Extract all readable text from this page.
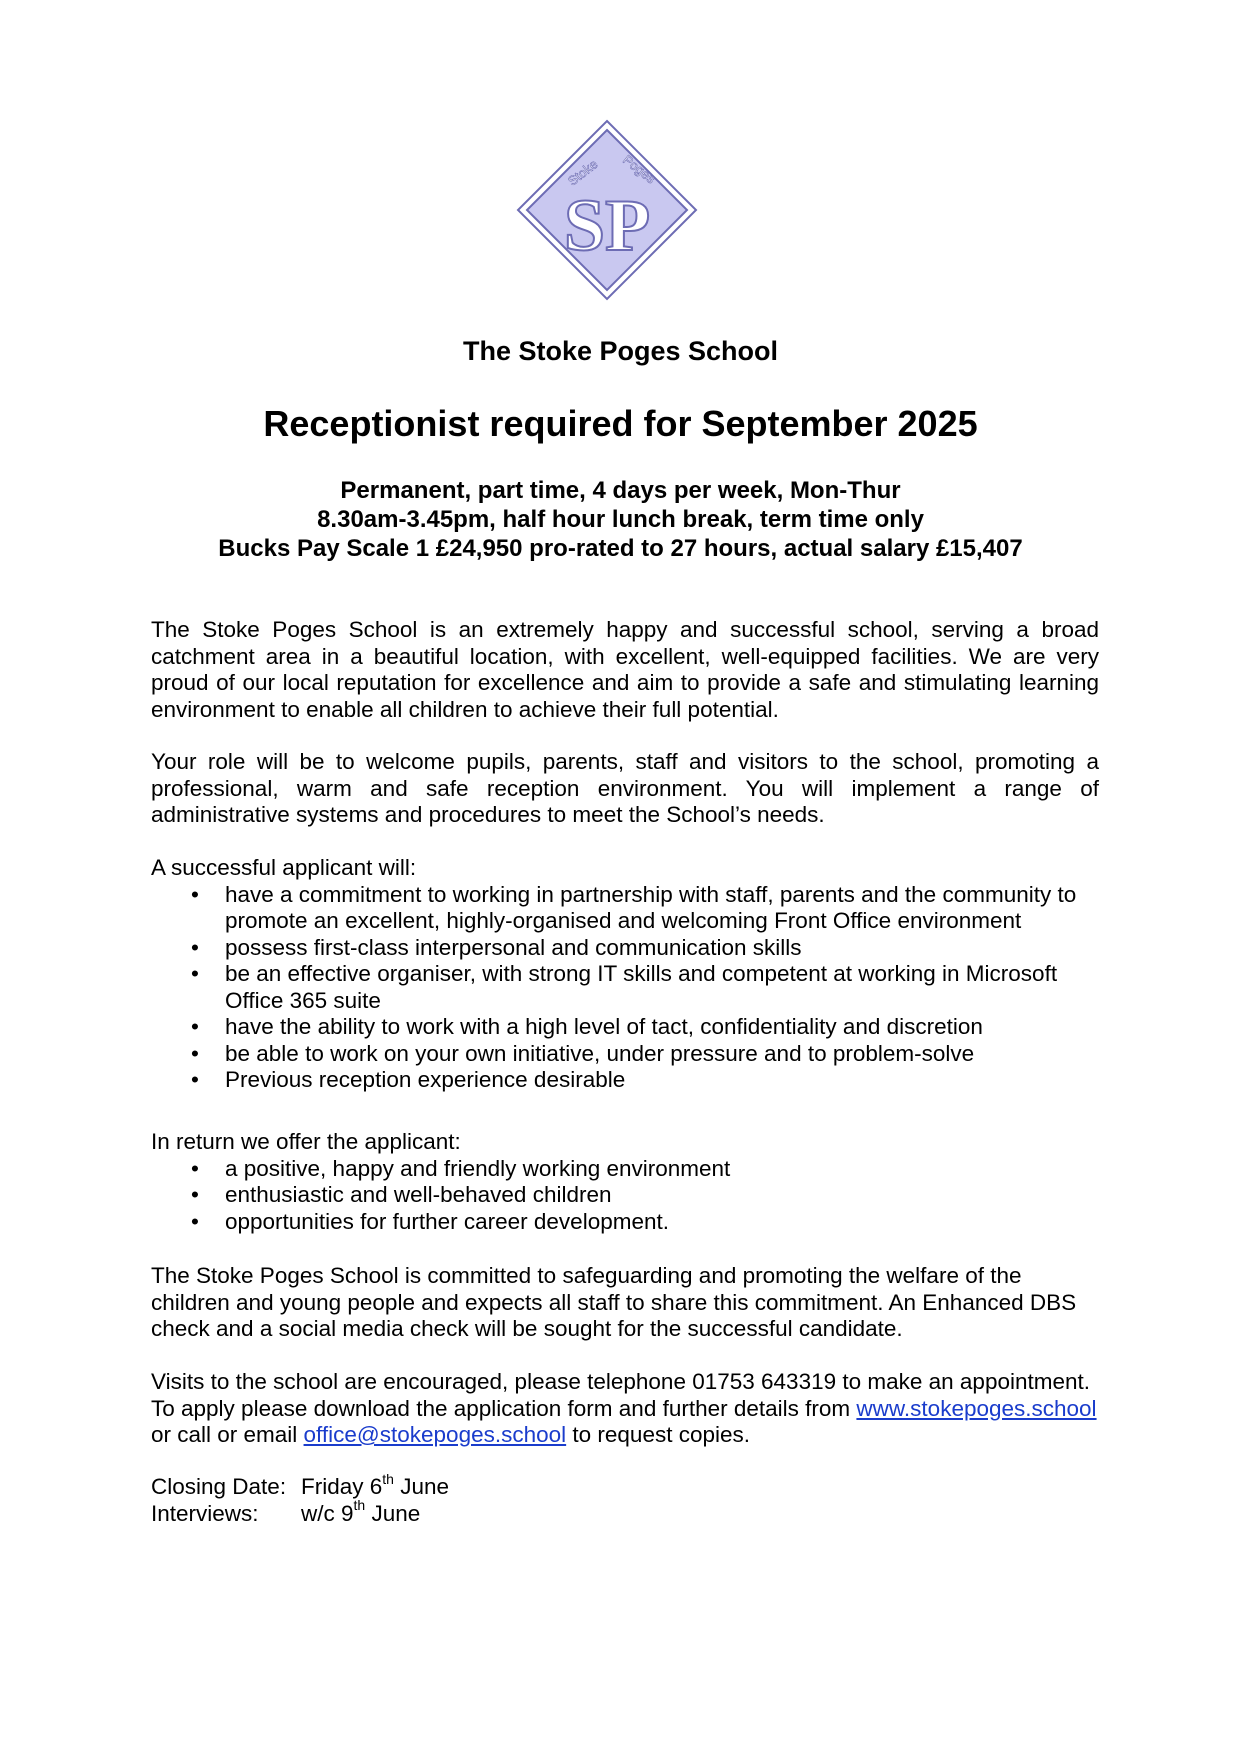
Stoke Poges
SP
The Stoke Poges School
Receptionist required for September 2025
Permanent, part time, 4 days per week, Mon-Thur
8.30am-3.45pm, half hour lunch break, term time only
Bucks Pay Scale 1 £24,950 pro-rated to 27 hours, actual salary £15,407

The Stoke Poges School is an extremely happy and successful school, serving a broad catchment area in a beautiful location, with excellent, well-equipped facilities. We are very proud of our local reputation for excellence and aim to provide a safe and stimulating learning environment to enable all children to achieve their full potential.

Your role will be to welcome pupils, parents, staff and visitors to the school, promoting a professional, warm and safe reception environment. You will implement a range of administrative systems and procedures to meet the School’s needs.

A successful applicant will:

• have a commitment to working in partnership with staff, parents and the community to promote an excellent, highly-organised and welcoming Front Office environment
• possess first-class interpersonal and communication skills
• be an effective organiser, with strong IT skills and competent at working in Microsoft Office 365 suite
• have the ability to work with a high level of tact, confidentiality and discretion
• be able to work on your own initiative, under pressure and to problem-solve
• Previous reception experience desirable

In return we offer the applicant:

• a positive, happy and friendly working environment
• enthusiastic and well-behaved children
• opportunities for further career development.

The Stoke Poges School is committed to safeguarding and promoting the welfare of the children and young people and expects all staff to share this commitment. An Enhanced DBS check and a social media check will be sought for the successful candidate.

Visits to the school are encouraged, please telephone 01753 643319 to make an appointment. To apply please download the application form and further details from www.stokepoges.school or call or email office@stokepoges.school to request copies.

Closing Date: Friday 6th June
Interviews:	w/c 9th June
